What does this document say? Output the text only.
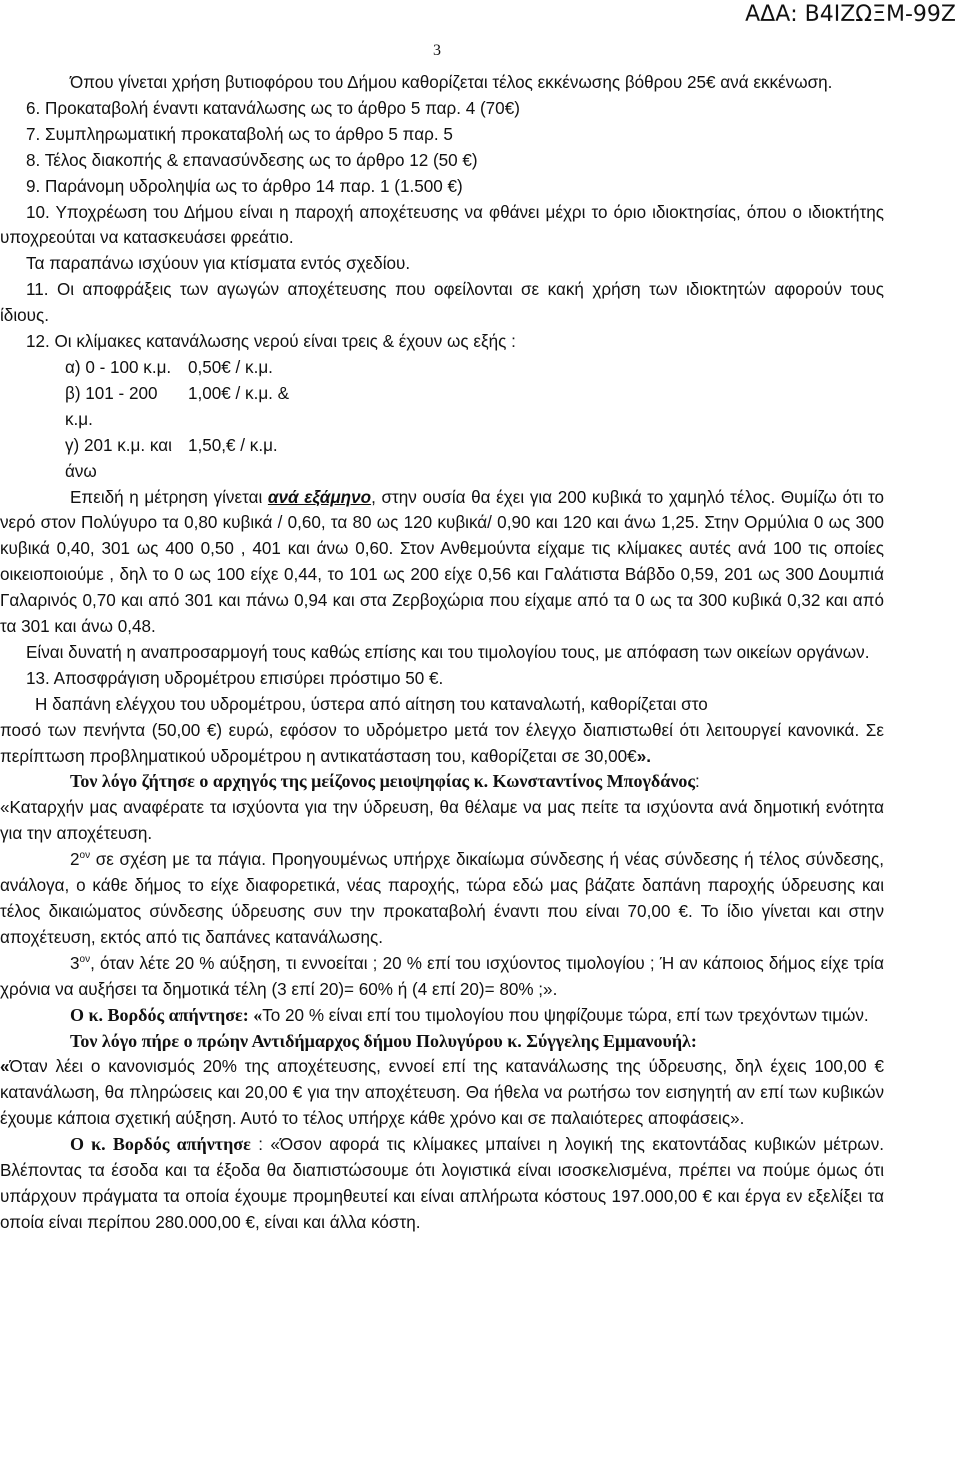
ΑΔΑ: Β4ΙΖΩΞΜ-99Ζ
3

Όπου γίνεται χρήση βυτιοφόρου του Δήμου καθορίζεται τέλος εκκένωσης βόθρου 25€ ανά εκκένωση.

6. Προκαταβολή έναντι κατανάλωσης ως το άρθρο 5 παρ. 4 (70€)

7. Συμπληρωματική προκαταβολή ως το άρθρο 5 παρ. 5

8. Τέλος διακοπής & επανασύνδεσης ως το άρθρο 12 (50 €)

9. Παράνομη υδροληψία ως το άρθρο 14 παρ. 1 (1.500 €)

10. Υποχρέωση του Δήμου είναι η παροχή αποχέτευσης να φθάνει μέχρι το όριο ιδιοκτησίας, όπου ο ιδιοκτήτης υποχρεούται να κατασκευάσει φρεάτιο.

Τα παραπάνω ισχύουν για κτίσματα εντός σχεδίου.

11. Οι αποφράξεις των αγωγών αποχέτευσης που οφείλονται σε κακή χρήση των ιδιοκτητών αφορούν τους ίδιους.

12. Οι κλίμακες κατανάλωσης νερού είναι τρεις & έχουν ως εξής :

α) 0 - 100 κ.μ. 0,50€ / κ.μ.
β) 101 - 200 κ.μ.
1,00€ / κ.μ. &
γ) 201 κ.μ. και άνω
1,50,€ / κ.μ.

Επειδή η μέτρηση γίνεται ανά εξάμηνο, στην ουσία θα έχει για 200 κυβικά το χαμηλό τέλος. Θυμίζω ότι το νερό στον Πολύγυρο τα 0,80 κυβικά / 0,60, τα 80 ως 120 κυβικά/ 0,90 και 120 και άνω 1,25. Στην Ορμύλια 0 ως 300 κυβικά 0,40, 301 ως 400 0,50 , 401 και άνω 0,60. Στον Ανθεμούντα είχαμε τις κλίμακες αυτές ανά 100 τις οποίες οικειοποιούμε , δηλ το 0 ως 100 είχε 0,44, το 101 ως 200 είχε 0,56 και Γαλάτιστα Βάβδο 0,59, 201 ως 300 Δουμπιά Γαλαρινός 0,70 και από 301 και πάνω 0,94 και στα Ζερβοχώρια που είχαμε από τα 0 ως τα 300 κυβικά 0,32 και από τα 301 και άνω 0,48.

Είναι δυνατή η αναπροσαρμογή τους καθώς επίσης και του τιμολογίου τους, με απόφαση των οικείων οργάνων.

13. Αποσφράγιση υδρομέτρου επισύρει πρόστιμο 50 €.

Η δαπάνη ελέγχου του υδρομέτρου, ύστερα από αίτηση του καταναλωτή, καθορίζεται στο

ποσό των πενήντα (50,00 €) ευρώ, εφόσον το υδρόμετρο μετά τον έλεγχο διαπιστωθεί ότι λειτουργεί κανονικά. Σε περίπτωση προβληματικού υδρομέτρου η αντικατάσταση του, καθορίζεται σε 30,00€».

Τον λόγο ζήτησε ο αρχηγός της μείζονος μειοψηφίας κ. Κωνσταντίνος Μπογδάνος:

«Καταρχήν μας αναφέρατε τα ισχύοντα για την ύδρευση, θα θέλαμε να μας πείτε τα ισχύοντα ανά δημοτική ενότητα για την αποχέτευση.

$2^{o\nu}$ σε σχέση με τα πάγια. Προηγουμένως υπήρχε δικαίωμα σύνδεσης ή νέας σύνδεσης ή τέλος σύνδεσης, ανάλογα, ο κάθε δήμος το είχε διαφορετικά, νέας παροχής, τώρα εδώ μας βάζατε δαπάνη παροχής ύδρευσης και τέλος δικαιώματος σύνδεσης ύδρευσης συν την προκαταβολή έναντι που είναι 70,00 €. Το ίδιο γίνεται και στην αποχέτευση, εκτός από τις δαπάνες κατανάλωσης.

$3^{o\nu}$, όταν λέτε 20 % αύξηση, τι εννοείται ; 20 % επί του ισχύοντος τιμολογίου ; Ή αν κάποιος δήμος είχε τρία χρόνια να αυξήσει τα δημοτικά τέλη (3 επί 20)= 60% ή (4 επί 20)= 80% ;».

Ο κ. Βορδός απήντησε: «Το 20 % είναι επί του τιμολογίου που ψηφίζουμε τώρα, επί των τρεχόντων τιμών.

Τον λόγο πήρε ο πρώην Αντιδήμαρχος δήμου Πολυγύρου κ. Σύγγελης Εμμανουήλ:

«Όταν λέει ο κανονισμός 20% της αποχέτευσης, εννοεί επί της κατανάλωσης της ύδρευσης, δηλ έχεις 100,00 € κατανάλωση, θα πληρώσεις και 20,00 € για την αποχέτευση. Θα ήθελα να ρωτήσω τον εισηγητή αν επί των κυβικών έχουμε κάποια σχετική αύξηση. Αυτό το τέλος υπήρχε κάθε χρόνο και σε παλαιότερες αποφάσεις».

Ο κ. Βορδός απήντησε : «Όσον αφορά τις κλίμακες μπαίνει η λογική της εκατοντάδας κυβικών μέτρων. Βλέποντας τα έσοδα και τα έξοδα θα διαπιστώσουμε ότι λογιστικά είναι ισοσκελισμένα, πρέπει να πούμε όμως ότι υπάρχουν πράγματα τα οποία έχουμε προμηθευτεί και είναι απλήρωτα κόστους 197.000,00 € και έργα εν εξελίξει τα οποία είναι περίπου 280.000,00 €, είναι και άλλα κόστη.
